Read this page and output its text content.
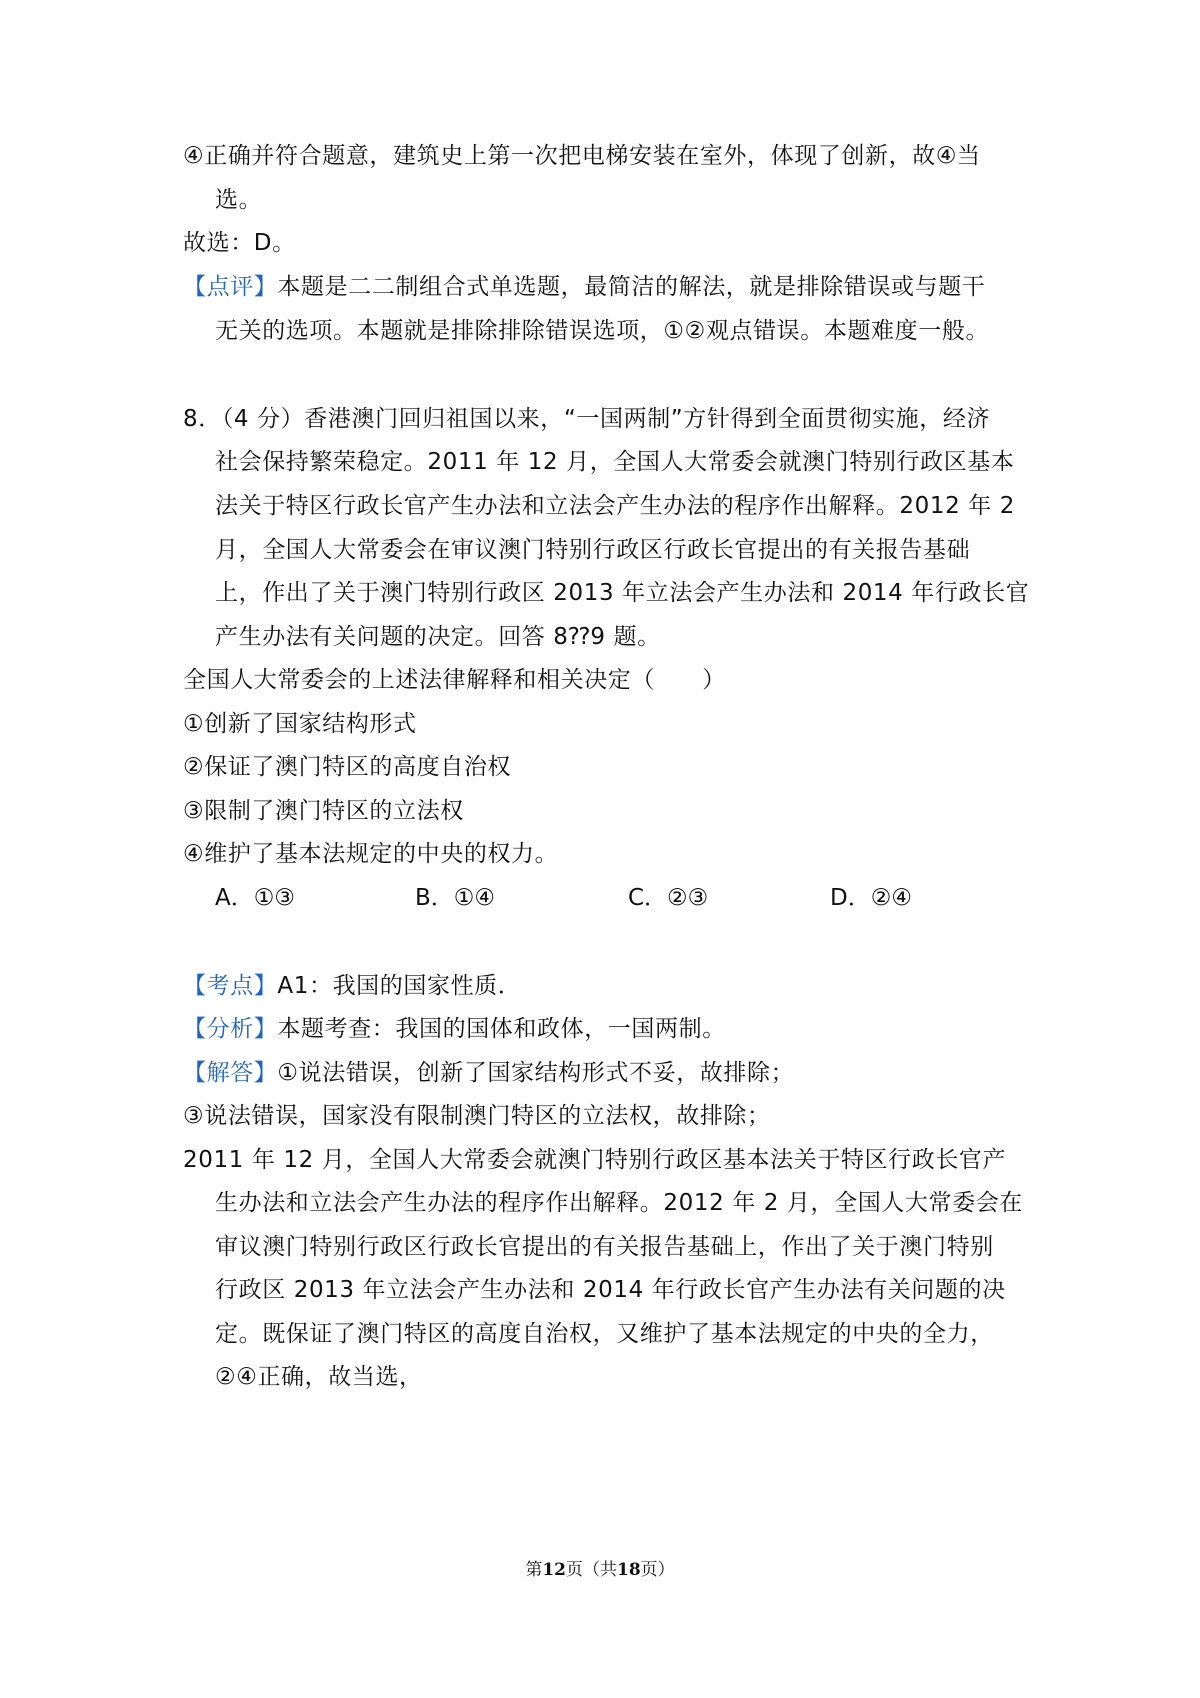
④正确并符合题意，建筑史上第一次把电梯安装在室外，体现了创新，故④当
选。
故选：D。
【点评】本题是二二制组合式单选题，最简洁的解法，就是排除错误或与题干
无关的选项。本题就是排除排除错误选项，①②观点错误。本题难度一般。
8．（4 分）香港澳门回归祖国以来，“一国两制”方针得到全面贯彻实施，经济
社会保持繁荣稳定。2011 年 12 月，全国人大常委会就澳门特别行政区基本
法关于特区行政长官产生办法和立法会产生办法的程序作出解释。2012 年 2
月，全国人大常委会在审议澳门特别行政区行政长官提出的有关报告基础
上，作出了关于澳门特别行政区 2013 年立法会产生办法和 2014 年行政长官
产生办法有关问题的决定。回答 8⁇9 题。
全国人大常委会的上述法律解释和相关决定（　　）
①创新了国家结构形式
②保证了澳门特区的高度自治权
③限制了澳门特区的立法权
④维护了基本法规定的中央的权力。
A．①③	B．①④	C．②③	D．②④
【考点】A1：我国的国家性质．
【分析】本题考查：我国的国体和政体，一国两制。
【解答】①说法错误，创新了国家结构形式不妥，故排除；
③说法错误，国家没有限制澳门特区的立法权，故排除；
2011 年 12 月，全国人大常委会就澳门特别行政区基本法关于特区行政长官产
生办法和立法会产生办法的程序作出解释。2012 年 2 月，全国人大常委会在
审议澳门特别行政区行政长官提出的有关报告基础上，作出了关于澳门特别
行政区 2013 年立法会产生办法和 2014 年行政长官产生办法有关问题的决
定。既保证了澳门特区的高度自治权，又维护了基本法规定的中央的全力，
②④正确，故当选，
第12页（共18页）
